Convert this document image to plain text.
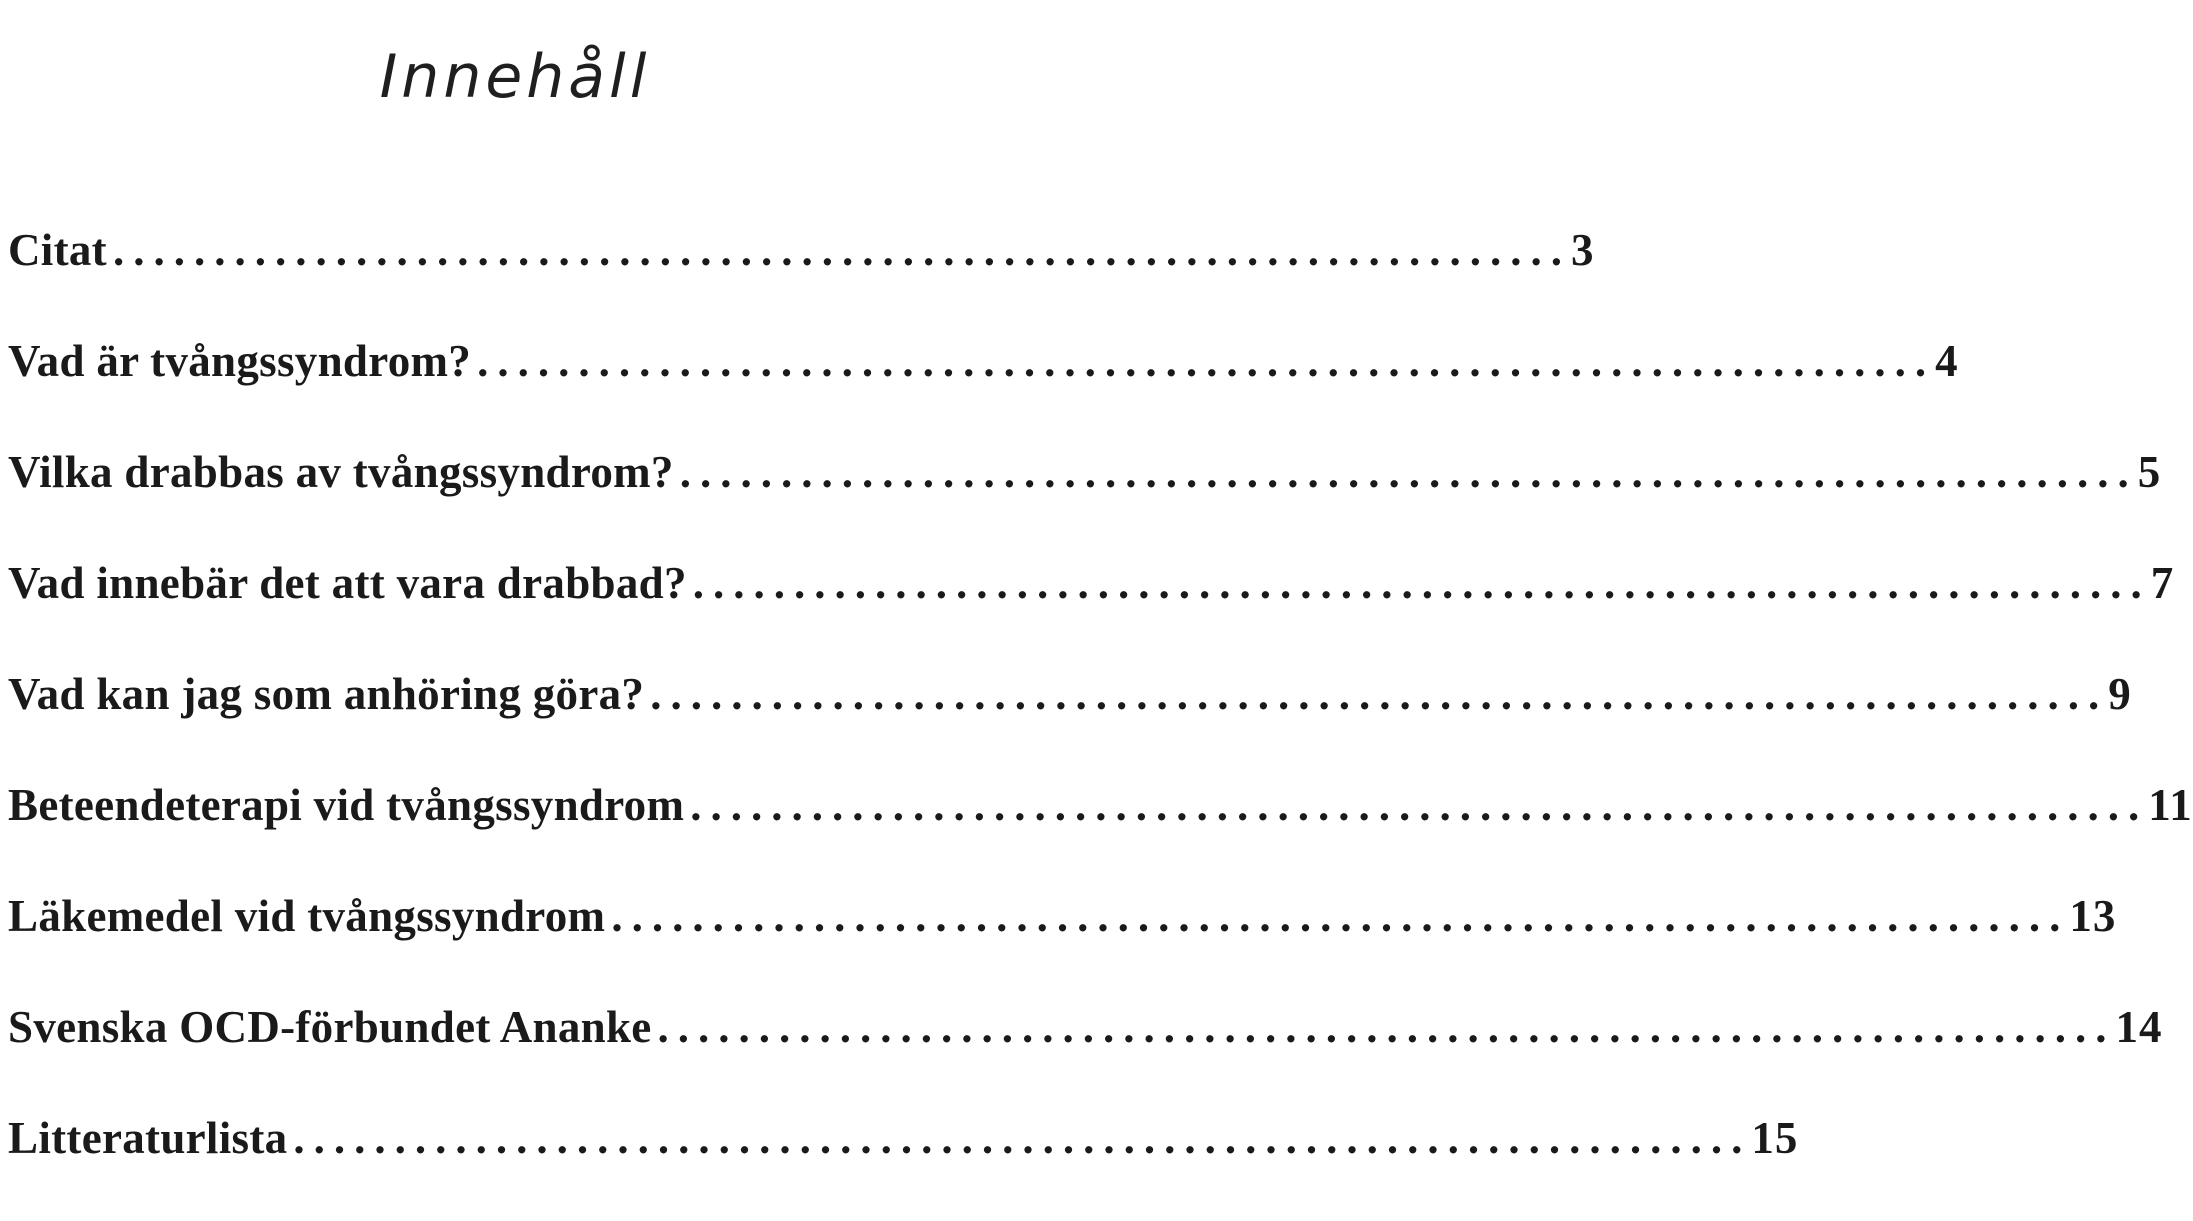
Innehåll
Citat ........................................................................ 3
Vad är tvångssyndrom? ........................................................................ 4
Vilka drabbas av tvångssyndrom? ........................................................................ 5
Vad innebär det att vara drabbad? ........................................................................ 7
Vad kan jag som anhöring göra? ........................................................................ 9
Beteendeterapi vid tvångssyndrom ........................................................................ 11
Läkemedel vid tvångssyndrom ........................................................................ 13
Svenska OCD-förbundet Ananke ........................................................................ 14
Litteraturlista ........................................................................ 15
